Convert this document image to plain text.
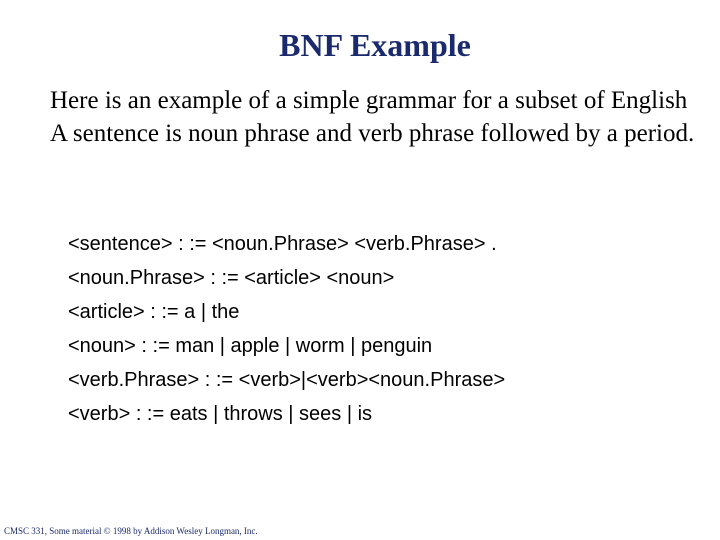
BNF Example

Here is an example of a simple grammar for a subset of English

A sentence is noun phrase and verb phrase followed by a period.

<sentence> : := <noun.Phrase> <verb.Phrase> .
<noun.Phrase> : := <article> <noun>
<article> : := a | the
<noun> : := man | apple | worm | penguin
<verb.Phrase> : := <verb>|<verb><noun.Phrase>
<verb> : := eats | throws | sees | is
CMSC 331, Some material © 1998 by Addison Wesley Longman, Inc.
